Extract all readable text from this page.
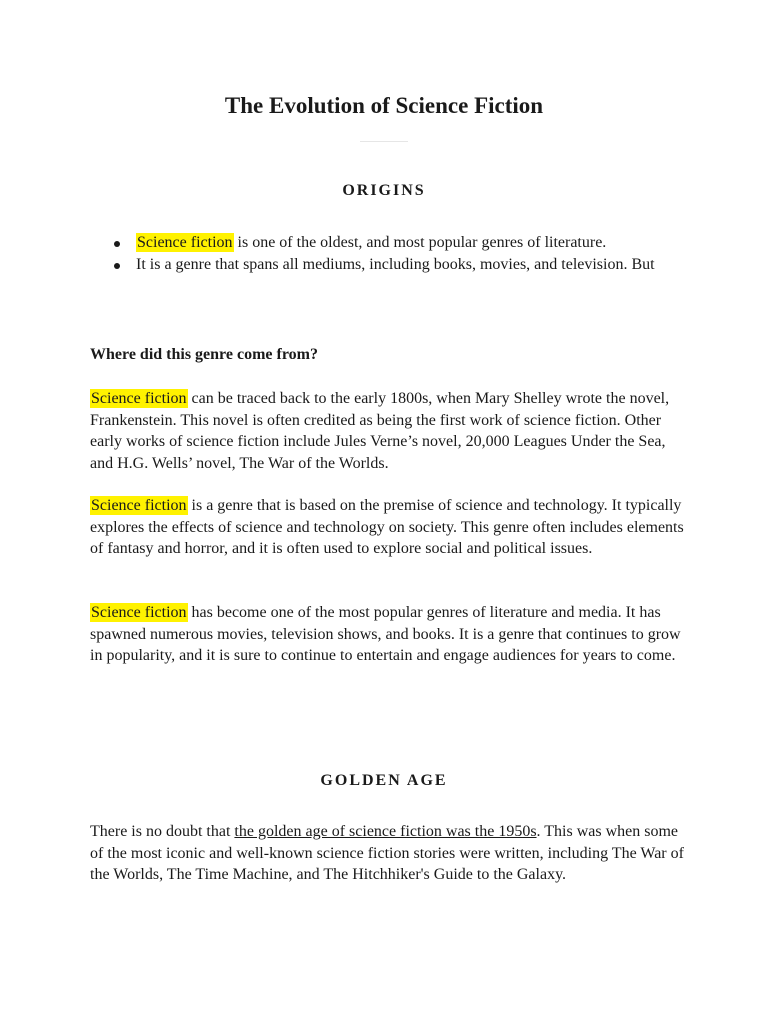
The Evolution of Science Fiction
ORIGINS
Science fiction is one of the oldest, and most popular genres of literature.
It is a genre that spans all mediums, including books, movies, and television. But

Where did this genre come from?

Science fiction can be traced back to the early 1800s, when Mary Shelley wrote the novel, Frankenstein. This novel is often credited as being the first work of science fiction. Other early works of science fiction include Jules Verne’s novel, 20,000 Leagues Under the Sea, and H.G. Wells’ novel, The War of the Worlds.

Science fiction is a genre that is based on the premise of science and technology. It typically explores the effects of science and technology on society. This genre often includes elements of fantasy and horror, and it is often used to explore social and political issues.

Science fiction has become one of the most popular genres of literature and media. It has spawned numerous movies, television shows, and books. It is a genre that continues to grow in popularity, and it is sure to continue to entertain and engage audiences for years to come.

GOLDEN AGE

There is no doubt that the golden age of science fiction was the 1950s. This was when some of the most iconic and well-known science fiction stories were written, including The War of the Worlds, The Time Machine, and The Hitchhiker's Guide to the Galaxy.
